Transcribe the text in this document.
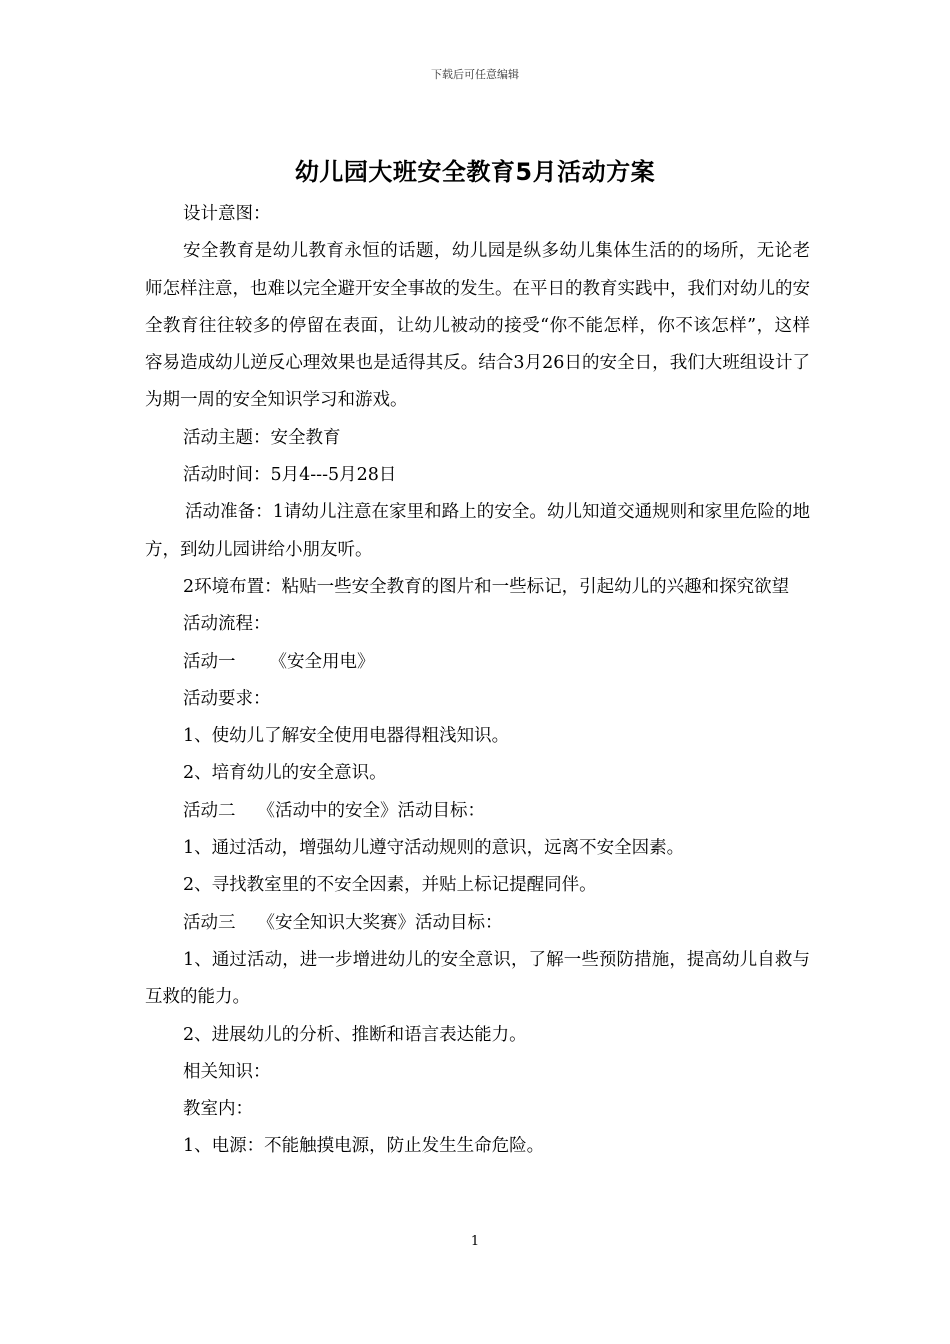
下载后可任意编辑
幼儿园大班安全教育5月活动方案

设计意图：

安全教育是幼儿教育永恒的话题，幼儿园是纵多幼儿集体生活的的场所，无论老师怎样注意，也难以完全避开安全事故的发生。在平日的教育实践中，我们对幼儿的安全教育往往较多的停留在表面，让幼儿被动的接受“你不能怎样，你不该怎样”，这样容易造成幼儿逆反心理效果也是适得其反。结合3月26日的安全日，我们大班组设计了为期一周的安全知识学习和游戏。

活动主题：安全教育

活动时间：5月4---5月28日

活动准备：1请幼儿注意在家里和路上的安全。幼儿知道交通规则和家里危险的地方，到幼儿园讲给小朋友听。

2环境布置：粘贴一些安全教育的图片和一些标记，引起幼儿的兴趣和探究欲望

活动流程：

活动一 《安全用电》

活动要求：

1、使幼儿了解安全使用电器得粗浅知识。

2、培育幼儿的安全意识。

活动二 《活动中的安全》活动目标：

1、通过活动，增强幼儿遵守活动规则的意识，远离不安全因素。

2、寻找教室里的不安全因素，并贴上标记提醒同伴。

活动三 《安全知识大奖赛》活动目标：

1、通过活动，进一步增进幼儿的安全意识，了解一些预防措施，提高幼儿自救与互救的能力。

2、进展幼儿的分析、推断和语言表达能力。

相关知识：

教室内：

1、电源：不能触摸电源，防止发生生命危险。

1
